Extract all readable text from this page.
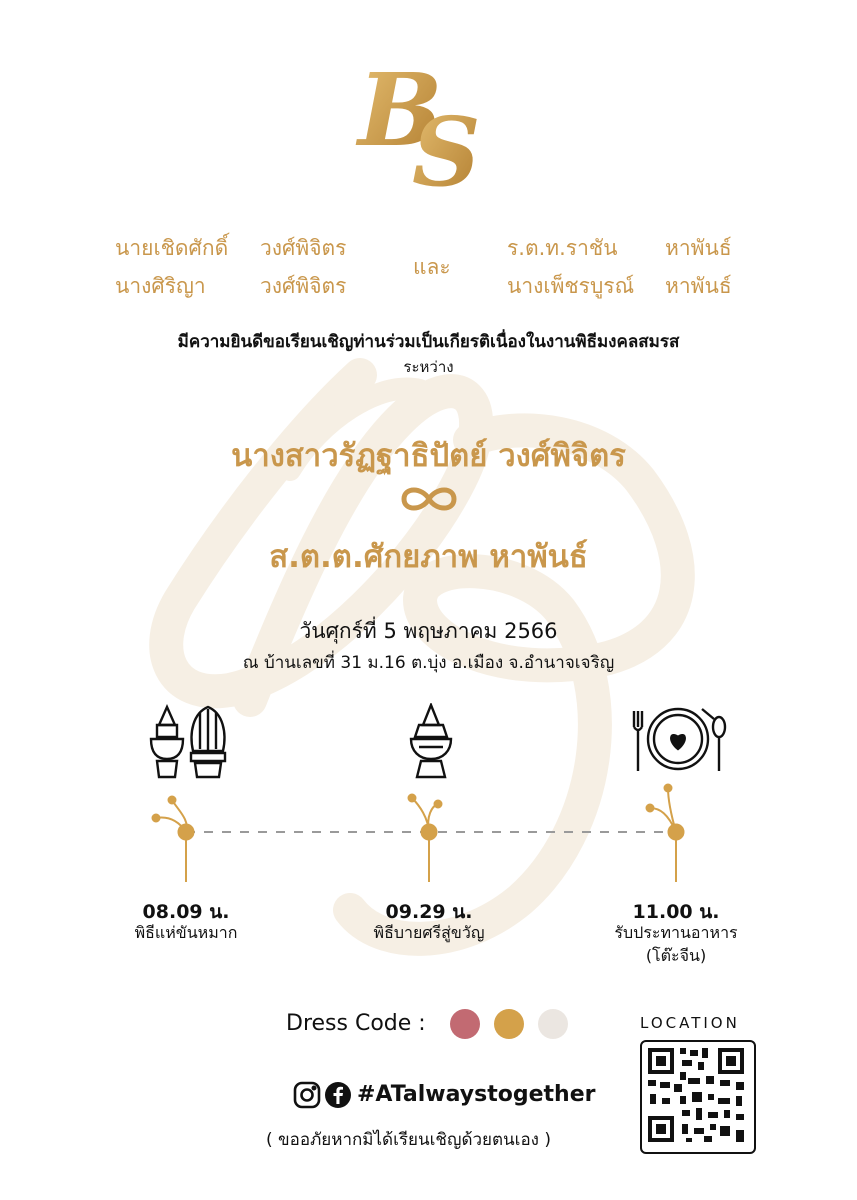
B
S
นายเชิดศักดิ์ วงศ์พิจิตร
นางศิริญา	วงศ์พิจิตร
และ
ร.ต.ท.ราชัน หาพันธ์
นางเพ็ชรบูรณ์ หาพันธ์
มีความยินดีขอเรียนเชิญท่านร่วมเป็นเกียรติเนื่องในงานพิธีมงคลสมรส
ระหว่าง
นางสาวรัฏฐาธิปัตย์ วงศ์พิจิตร
ส.ต.ต.ศักยภาพ หาพันธ์
วันศุกร์ที่ 5 พฤษภาคม 2566
ณ บ้านเลขที่ 31 ม.16 ต.บุ่ง อ.เมือง จ.อำนาจเจริญ
08.09 น.
พิธีแห่ขันหมาก
09.29 น.
พิธีบายศรีสู่ขวัญ
11.00 น.
รับประทานอาหาร
(โต๊ะจีน)
Dress Code :
#ATalwaystogether
( ขออภัยหากมิได้เรียนเชิญด้วยตนเอง )
LOCATION
